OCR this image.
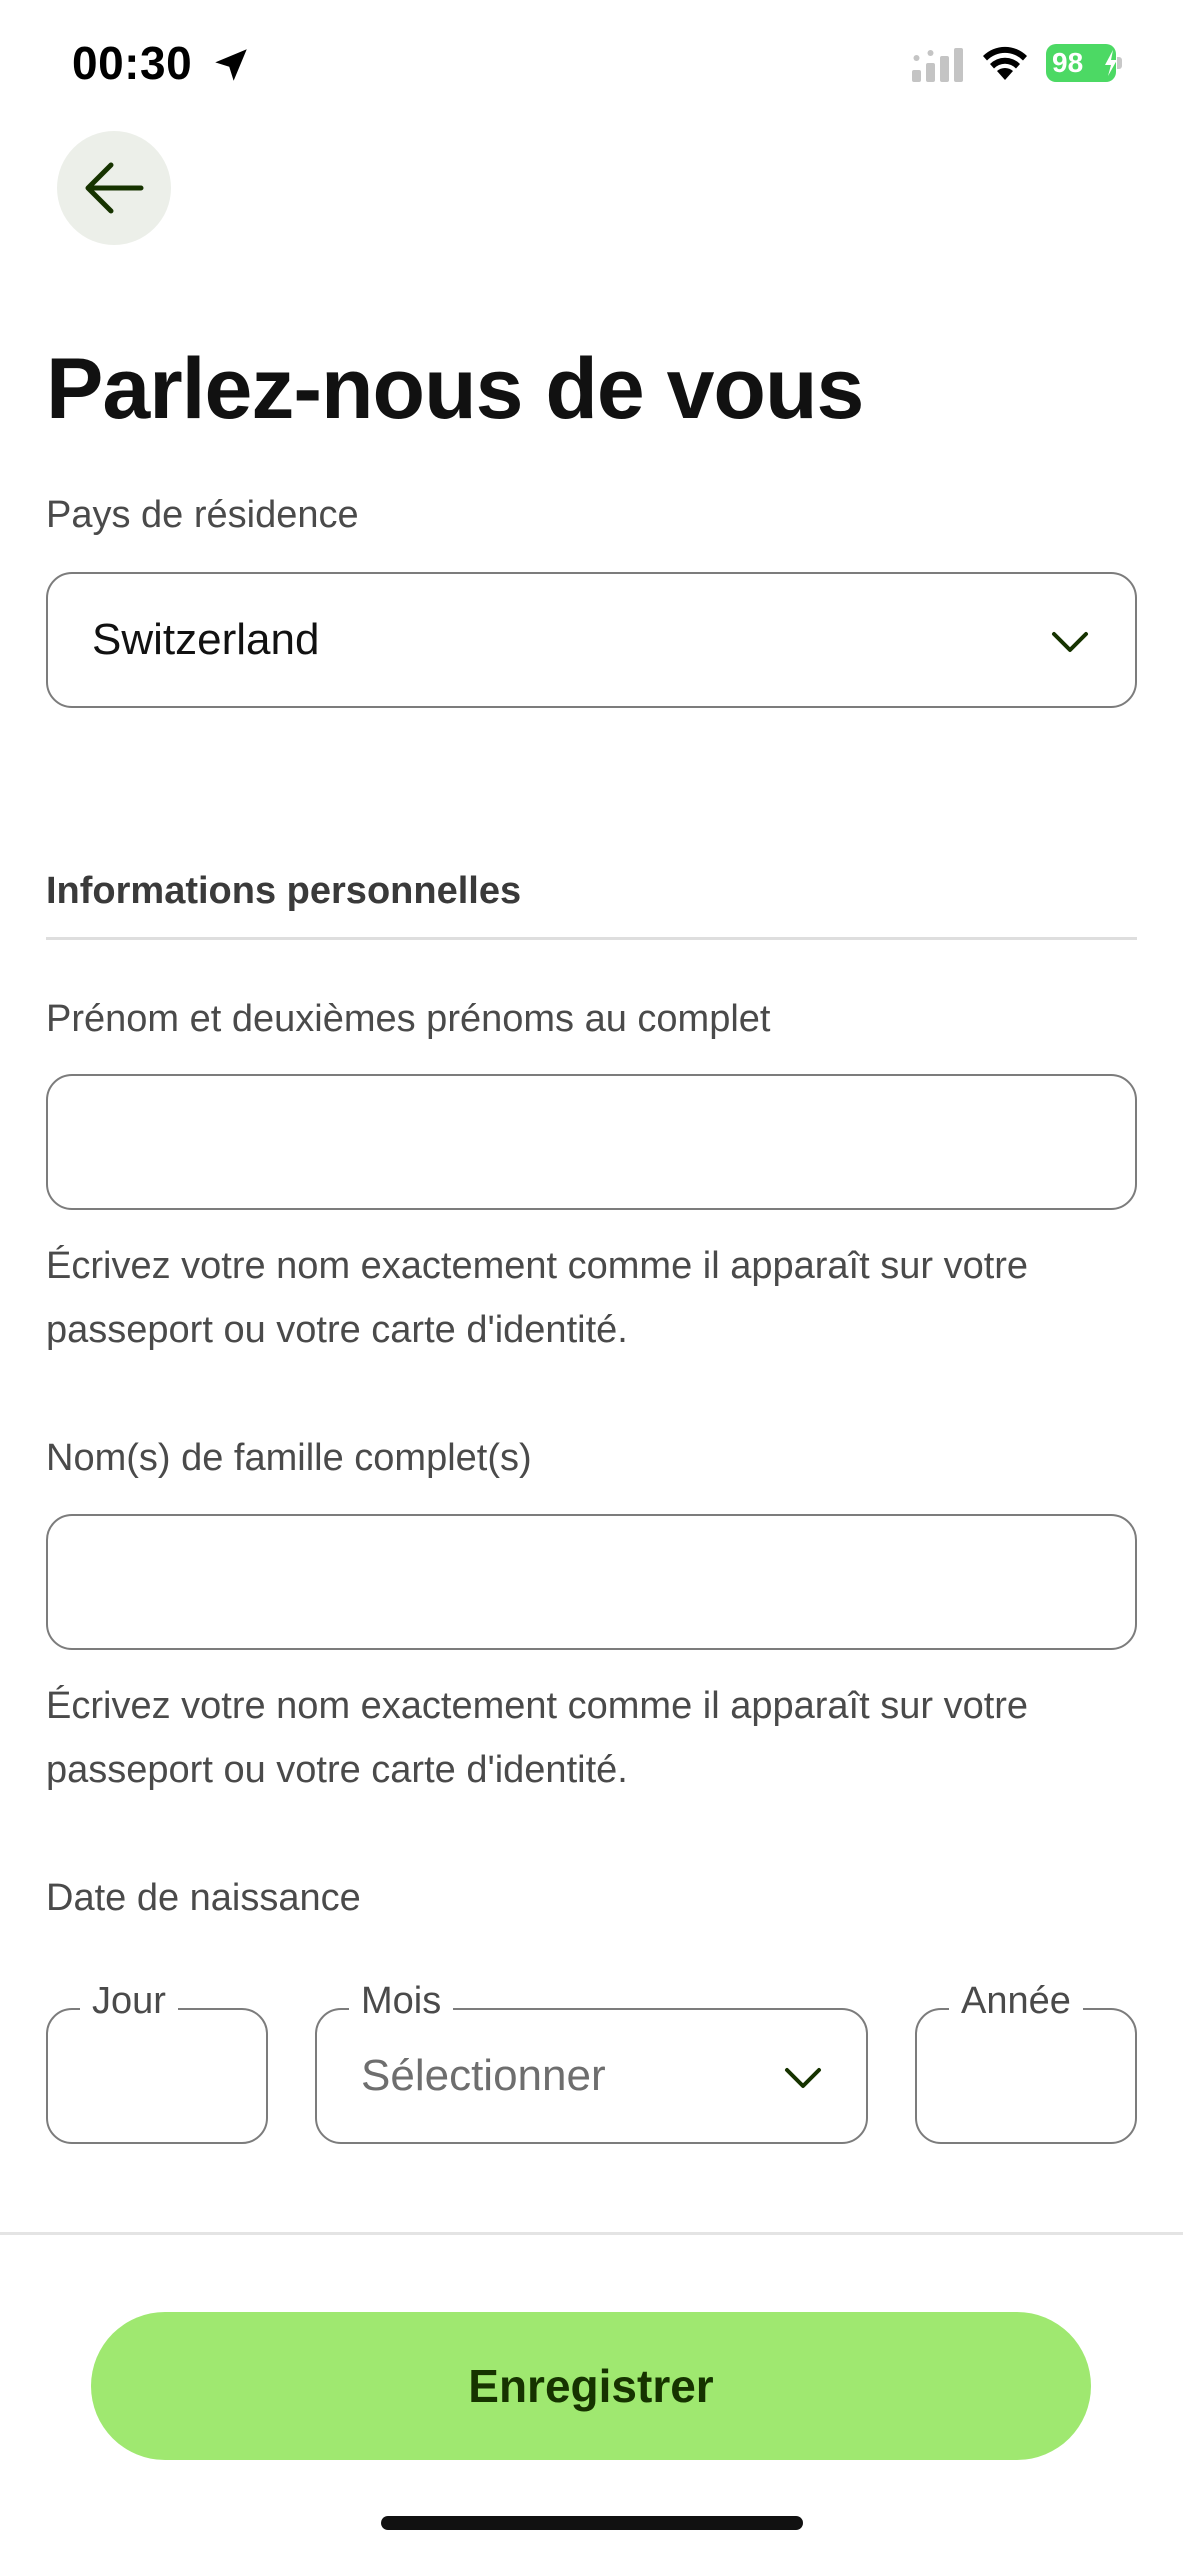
00:30	98
Parlez-nous de vous
Pays de résidence
Switzerland
Informations personnelles
Prénom et deuxièmes prénoms au complet
Écrivez votre nom exactement comme il apparaît sur votre passeport ou votre carte d'identité.
Nom(s) de famille complet(s)
Écrivez votre nom exactement comme il apparaît sur votre passeport ou votre carte d'identité.
Date de naissance
Jour	Mois
Sélectionner
Année
Enregistrer
